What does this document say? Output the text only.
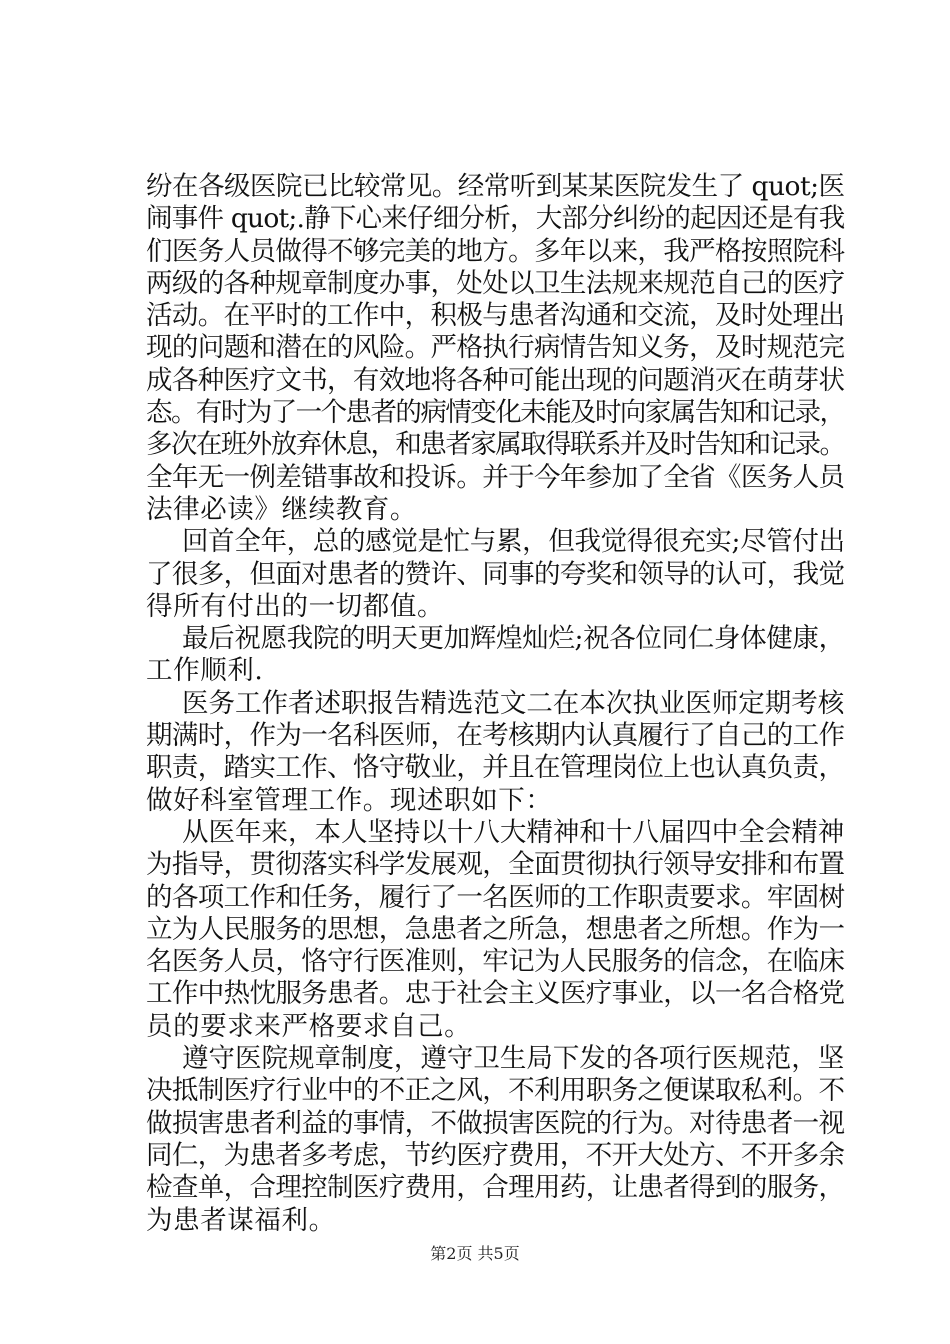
纷在各级医院已比较常见。经常听到某某医院发生了 quot;医
闹事件 quot;.静下心来仔细分析，大部分纠纷的起因还是有我
们医务人员做得不够完美的地方。多年以来，我严格按照院科
两级的各种规章制度办事，处处以卫生法规来规范自己的医疗
活动。在平时的工作中，积极与患者沟通和交流，及时处理出
现的问题和潜在的风险。严格执行病情告知义务，及时规范完
成各种医疗文书，有效地将各种可能出现的问题消灭在萌芽状
态。有时为了一个患者的病情变化未能及时向家属告知和记录，
多次在班外放弃休息，和患者家属取得联系并及时告知和记录。
全年无一例差错事故和投诉。并于今年参加了全省《医务人员
法律必读》继续教育。
回首全年，总的感觉是忙与累，但我觉得很充实;尽管付出
了很多，但面对患者的赞许、同事的夸奖和领导的认可，我觉
得所有付出的一切都值。
最后祝愿我院的明天更加辉煌灿烂;祝各位同仁身体健康，
工作顺利.
医务工作者述职报告精选范文二在本次执业医师定期考核
期满时，作为一名科医师，在考核期内认真履行了自己的工作
职责，踏实工作、恪守敬业，并且在管理岗位上也认真负责，
做好科室管理工作。现述职如下：
从医年来，本人坚持以十八大精神和十八届四中全会精神
为指导，贯彻落实科学发展观，全面贯彻执行领导安排和布置
的各项工作和任务，履行了一名医师的工作职责要求。牢固树
立为人民服务的思想，急患者之所急，想患者之所想。作为一
名医务人员，恪守行医准则，牢记为人民服务的信念，在临床
工作中热忱服务患者。忠于社会主义医疗事业，以一名合格党
员的要求来严格要求自己。
遵守医院规章制度，遵守卫生局下发的各项行医规范，坚
决抵制医疗行业中的不正之风，不利用职务之便谋取私利。不
做损害患者利益的事情，不做损害医院的行为。对待患者一视
同仁，为患者多考虑，节约医疗费用，不开大处方、不开多余
检查单，合理控制医疗费用，合理用药，让患者得到的服务，
为患者谋福利。
第2页 共5页
